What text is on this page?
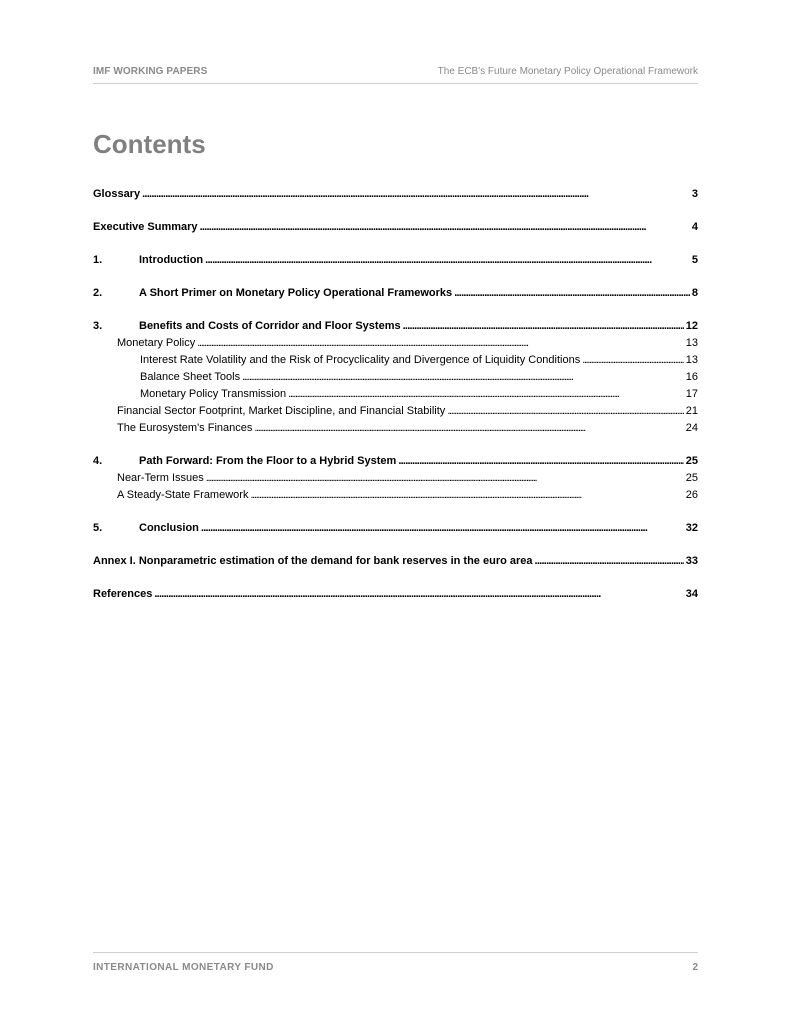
IMF WORKING PAPERS	The ECB's Future Monetary Policy Operational Framework
Contents
Glossary . . .	3
Executive Summary . . .	4
1.	Introduction . . .	5
2.	A Short Primer on Monetary Policy Operational Frameworks . . .	8
3.	Benefits and Costs of Corridor and Floor Systems . . .	12
Monetary Policy . . .	13
Interest Rate Volatility and the Risk of Procyclicality and Divergence of Liquidity Conditions . . .	13
Balance Sheet Tools . . .	16
Monetary Policy Transmission . . .	17
Financial Sector Footprint, Market Discipline, and Financial Stability . . .	21
The Eurosystem's Finances . . .	24
4.	Path Forward: From the Floor to a Hybrid System . . .	25
Near-Term Issues . . .	25
A Steady-State Framework . . .	26
5.	Conclusion . . .	32
Annex I. Nonparametric estimation of the demand for bank reserves in the euro area . . .	33
References . . .	34
INTERNATIONAL MONETARY FUND	2
